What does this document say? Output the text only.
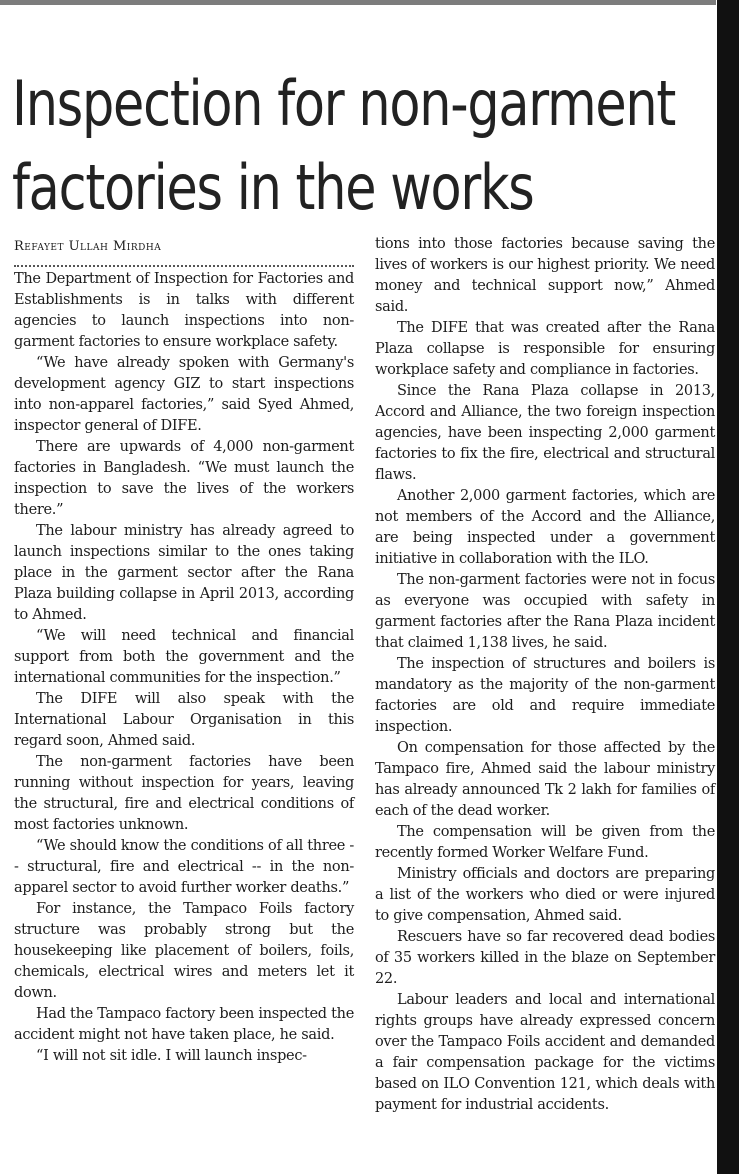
Inspection for non-garment
factories in the works
Refayet Ullah Mirdha

The Department of Inspection for Factories and Establishments is in talks with different agencies to launch inspections into non-garment factories to ensure workplace safety.

“We have already spoken with Germany's development agency GIZ to start inspections into non-apparel factories,” said Syed Ahmed, inspector general of DIFE.

There are upwards of 4,000 non-garment factories in Bangladesh. “We must launch the inspection to save the lives of the workers there.”

The labour ministry has already agreed to launch inspections similar to the ones taking place in the garment sector after the Rana Plaza building collapse in April 2013, according to Ahmed.

“We will need technical and financial support from both the government and the international communities for the inspection.”

The DIFE will also speak with the International Labour Organisation in this regard soon, Ahmed said.

The non-garment factories have been running without inspection for years, leaving the structural, fire and electrical conditions of most factories unknown.

“We should know the conditions of all three -- structural, fire and electrical -- in the non-apparel sector to avoid further worker deaths.”

For instance, the Tampaco Foils factory structure was probably strong but the housekeeping like placement of boilers, foils, chemicals, electrical wires and meters let it down.

Had the Tampaco factory been inspected the accident might not have taken place, he said.

“I will not sit idle. I will launch inspec-

tions into those factories because saving the lives of workers is our highest priority. We need money and technical support now,” Ahmed said.

The DIFE that was created after the Rana Plaza collapse is responsible for ensuring workplace safety and compliance in factories.

Since the Rana Plaza collapse in 2013, Accord and Alliance, the two foreign inspection agencies, have been inspecting 2,000 garment factories to fix the fire, electrical and structural flaws.

Another 2,000 garment factories, which are not members of the Accord and the Alliance, are being inspected under a government initiative in collaboration with the ILO.

The non-garment factories were not in focus as everyone was occupied with safety in garment factories after the Rana Plaza incident that claimed 1,138 lives, he said.

The inspection of structures and boilers is mandatory as the majority of the non-garment factories are old and require immediate inspection.

On compensation for those affected by the Tampaco fire, Ahmed said the labour ministry has already announced Tk 2 lakh for families of each of the dead worker.

The compensation will be given from the recently formed Worker Welfare Fund.

Ministry officials and doctors are preparing a list of the workers who died or were injured to give compensation, Ahmed said.

Rescuers have so far recovered dead bodies of 35 workers killed in the blaze on September 22.

Labour leaders and local and international rights groups have already expressed concern over the Tampaco Foils accident and demanded a fair compensation package for the victims based on ILO Convention 121, which deals with payment for industrial accidents.
